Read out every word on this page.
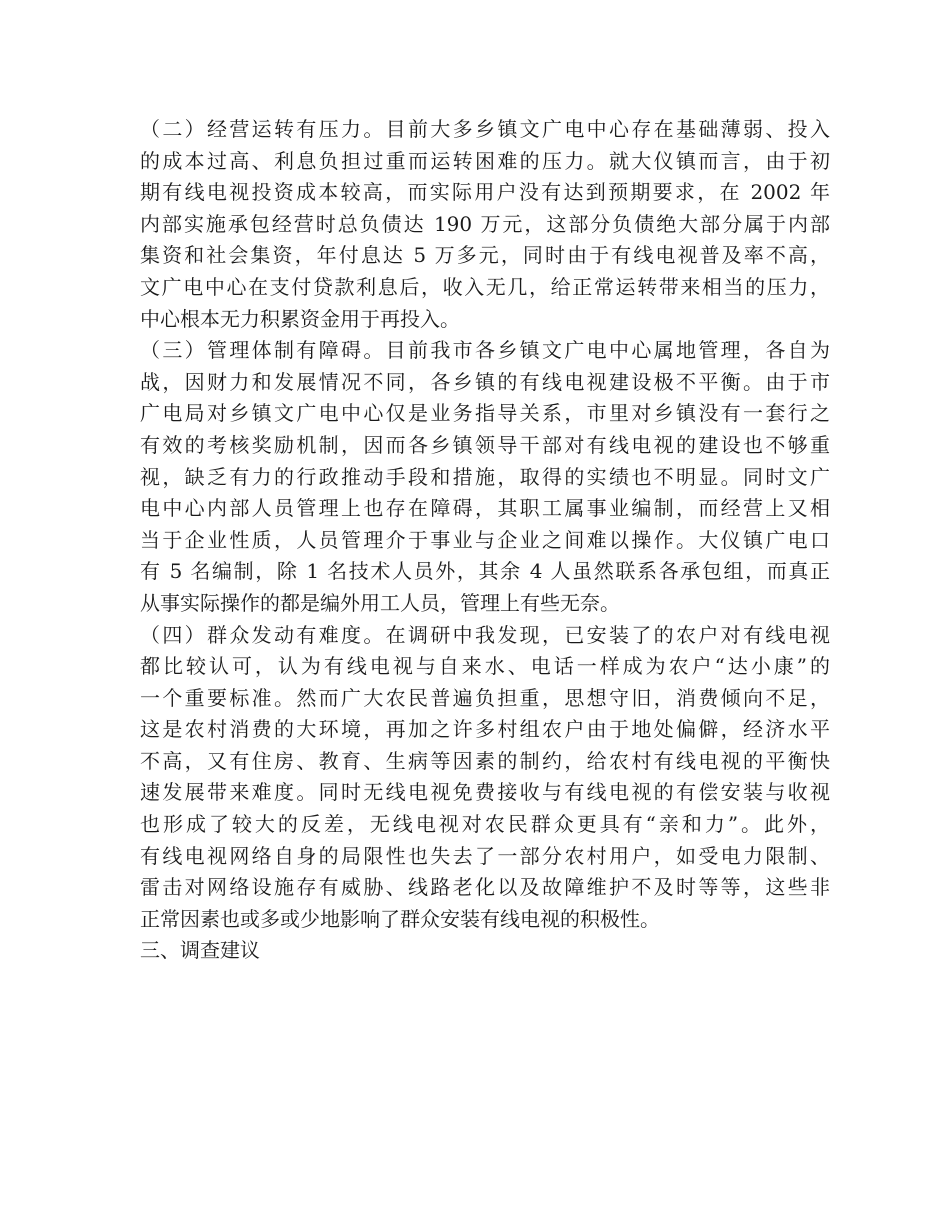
（二）经营运转有压力。目前大多乡镇文广电中心存在基础薄弱、投入
的成本过高、利息负担过重而运转困难的压力。就大仪镇而言，由于初
期有线电视投资成本较高，而实际用户没有达到预期要求，在 2002 年
内部实施承包经营时总负债达 190 万元，这部分负债绝大部分属于内部
集资和社会集资，年付息达 5 万多元，同时由于有线电视普及率不高，
文广电中心在支付贷款利息后，收入无几，给正常运转带来相当的压力，
中心根本无力积累资金用于再投入。
（三）管理体制有障碍。目前我市各乡镇文广电中心属地管理，各自为
战，因财力和发展情况不同，各乡镇的有线电视建设极不平衡。由于市
广电局对乡镇文广电中心仅是业务指导关系，市里对乡镇没有一套行之
有效的考核奖励机制，因而各乡镇领导干部对有线电视的建设也不够重
视，缺乏有力的行政推动手段和措施，取得的实绩也不明显。同时文广
电中心内部人员管理上也存在障碍，其职工属事业编制，而经营上又相
当于企业性质，人员管理介于事业与企业之间难以操作。大仪镇广电口
有 5 名编制，除 1 名技术人员外，其余 4 人虽然联系各承包组，而真正
从事实际操作的都是编外用工人员，管理上有些无奈。
（四）群众发动有难度。在调研中我发现，已安装了的农户对有线电视
都比较认可，认为有线电视与自来水、电话一样成为农户“达小康”的
一个重要标准。然而广大农民普遍负担重，思想守旧，消费倾向不足，
这是农村消费的大环境，再加之许多村组农户由于地处偏僻，经济水平
不高，又有住房、教育、生病等因素的制约，给农村有线电视的平衡快
速发展带来难度。同时无线电视免费接收与有线电视的有偿安装与收视
也形成了较大的反差，无线电视对农民群众更具有“亲和力”。此外，
有线电视网络自身的局限性也失去了一部分农村用户，如受电力限制、
雷击对网络设施存有威胁、线路老化以及故障维护不及时等等，这些非
正常因素也或多或少地影响了群众安装有线电视的积极性。
三、调查建议
